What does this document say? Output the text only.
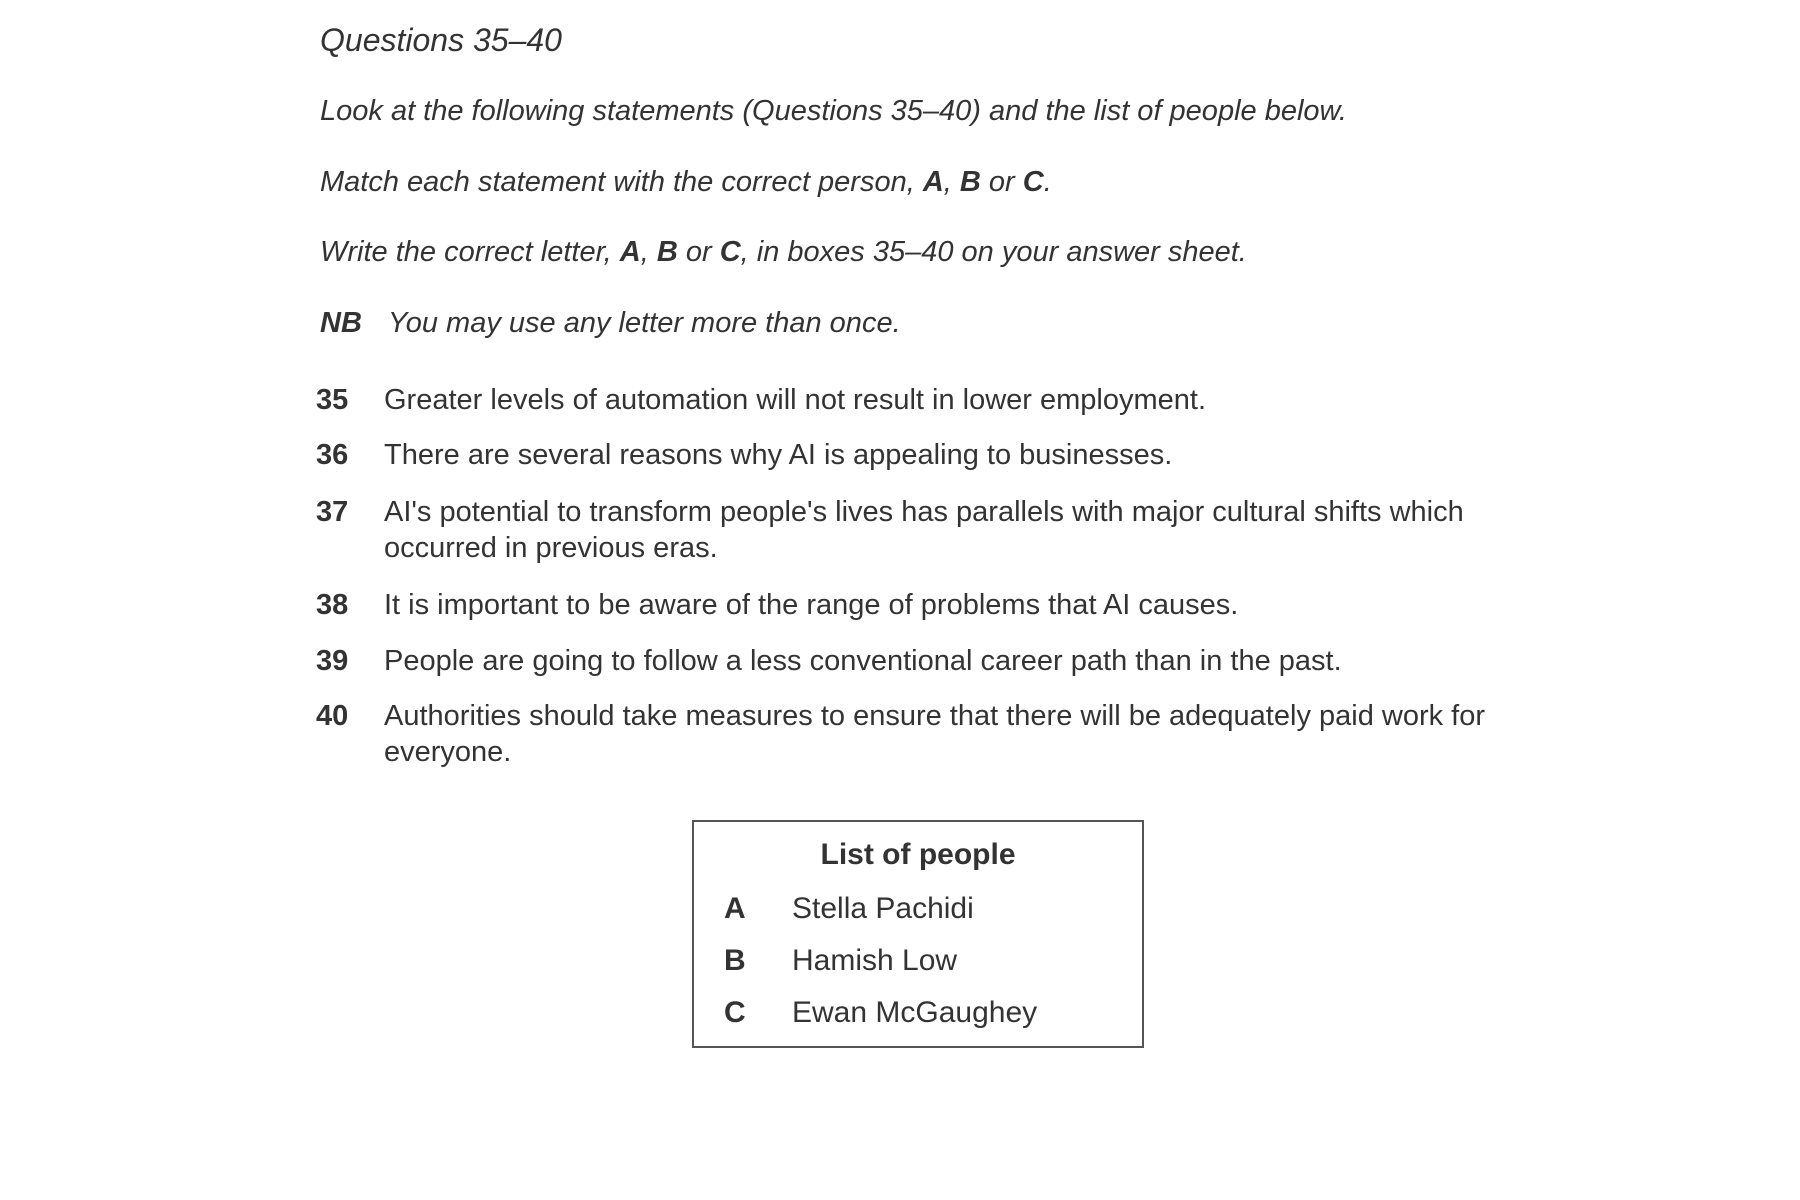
Questions 35–40
Look at the following statements (Questions 35–40) and the list of people below.
Match each statement with the correct person, A, B or C.
Write the correct letter, A, B or C, in boxes 35–40 on your answer sheet.
NB You may use any letter more than once.
35	Greater levels of automation will not result in lower employment.
36	There are several reasons why AI is appealing to businesses.
37	AI's potential to transform people's lives has parallels with major cultural shifts which occurred in previous eras.
38	It is important to be aware of the range of problems that AI causes.
39	People are going to follow a less conventional career path than in the past.
40	Authorities should take measures to ensure that there will be adequately paid work for everyone.
List of people
A Stella Pachidi
B Hamish Low
C Ewan McGaughey
